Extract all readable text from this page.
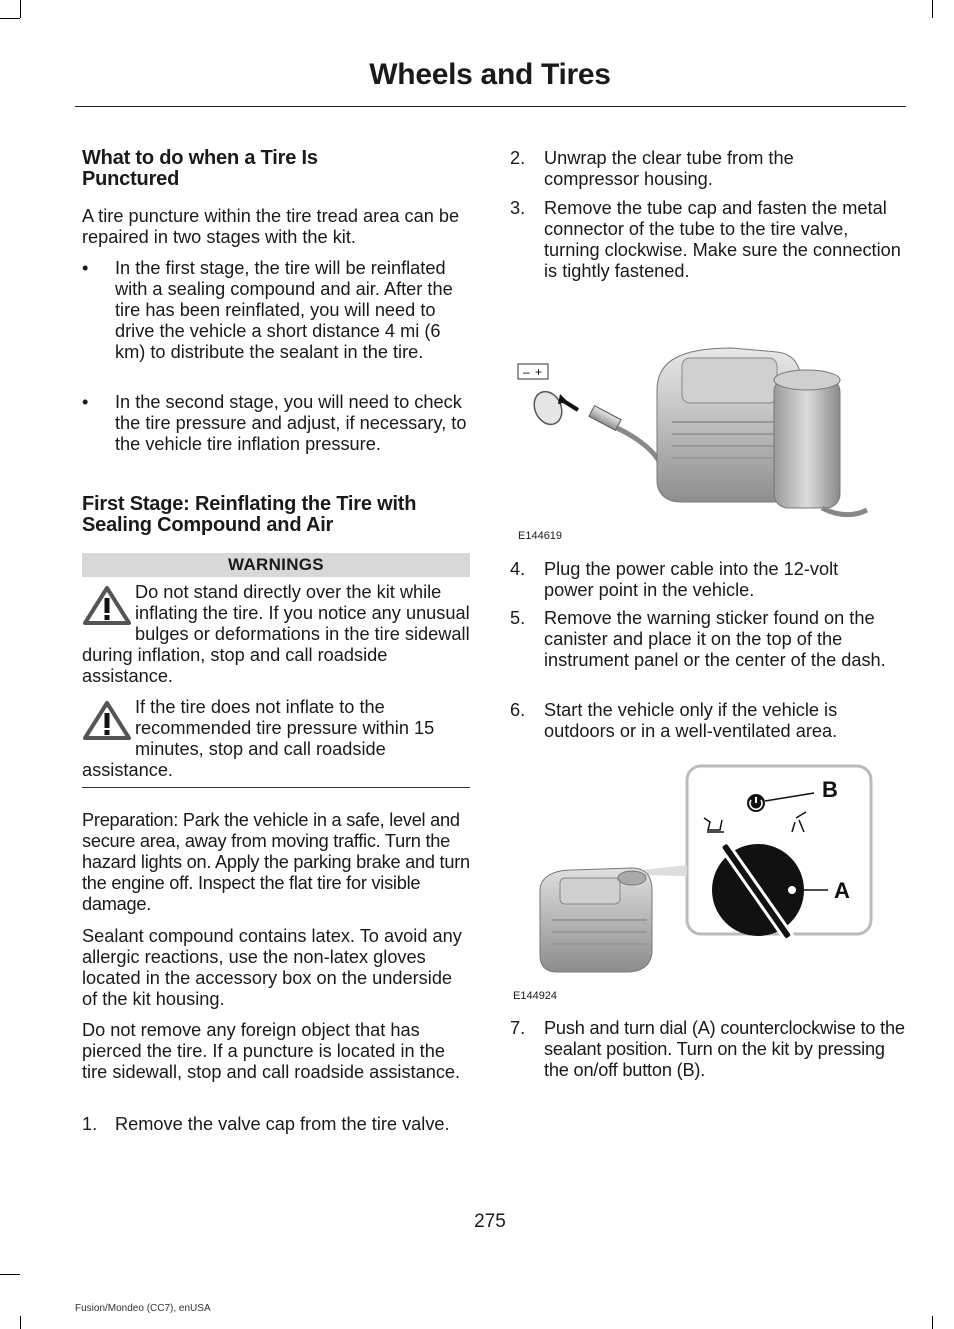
Wheels and Tires
What to do when a Tire Is Punctured

A tire puncture within the tire tread area can be repaired in two stages with the kit.

• In the first stage, the tire will be reinflated with a sealing compound and air. After the tire has been reinflated, you will need to drive the vehicle a short distance 4 mi (6 km) to distribute the sealant in the tire.
• In the second stage, you will need to check the tire pressure and adjust, if necessary, to the vehicle tire inflation pressure.
First Stage: Reinflating the Tire with Sealing Compound and Air
WARNINGS

Do not stand directly over the kit while inflating the tire. If you notice any unusual bulges or deformations in the tire sidewall during inflation, stop and call roadside assistance.

If the tire does not inflate to the recommended tire pressure within 15 minutes, stop and call roadside assistance.

Preparation: Park the vehicle in a safe, level and secure area, away from moving traffic. Turn the hazard lights on. Apply the parking brake and turn the engine off. Inspect the flat tire for visible damage.

Sealant compound contains latex. To avoid any allergic reactions, use the non-latex gloves located in the accessory box on the underside of the kit housing.

Do not remove any foreign object that has pierced the tire. If a puncture is located in the tire sidewall, stop and call roadside assistance.

1. Remove the valve cap from the tire valve.
2. Unwrap the clear tube from the compressor housing.
3. Remove the tube cap and fasten the metal connector of the tube to the tire valve, turning clockwise. Make sure the connection is tightly fastened.
– +
E144619
4. Plug the power cable into the 12-volt power point in the vehicle.
5. Remove the warning sticker found on the canister and place it on the top of the instrument panel or the center of the dash.
6. Start the vehicle only if the vehicle is outdoors or in a well-ventilated area.
B
A
E144924
7. Push and turn dial (A) counterclockwise to the sealant position. Turn on the kit by pressing the on/off button (B).
275
Fusion/Mondeo (CC7), enUSA
